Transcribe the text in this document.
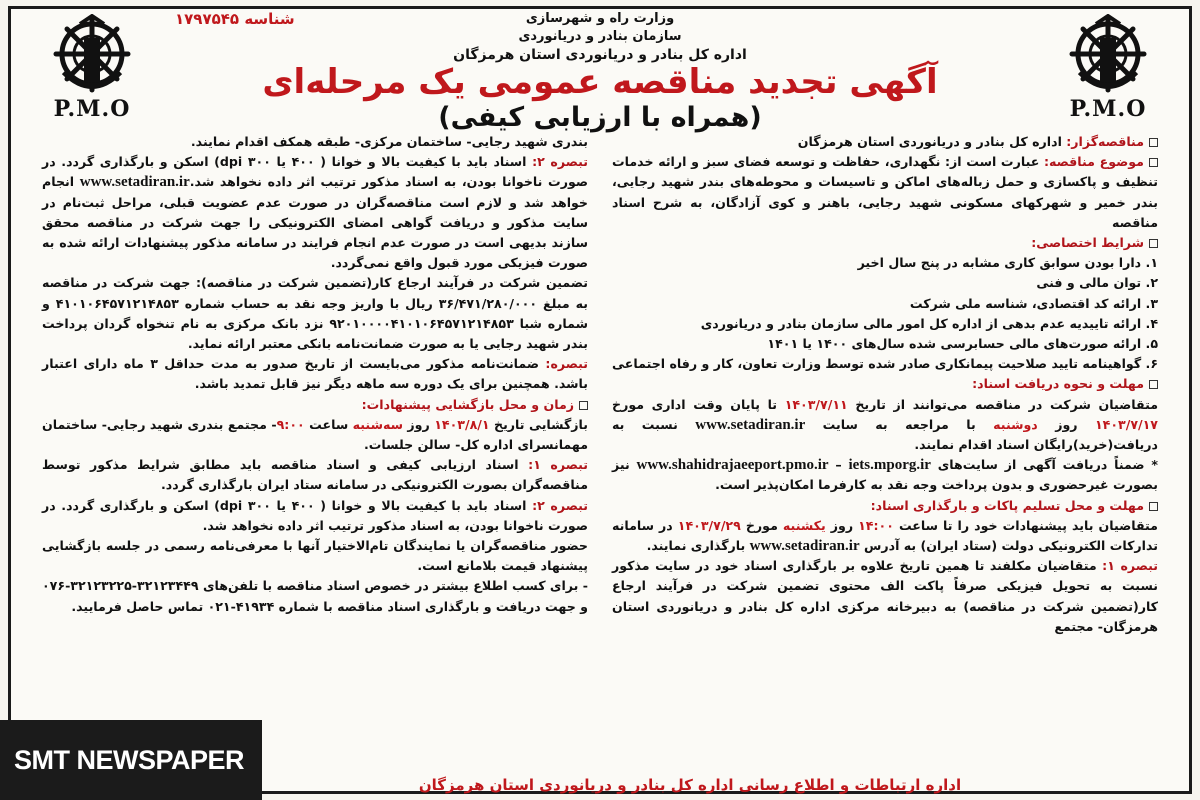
P.M.O	P.M.O
شناسه ۱۷۹۷۵۴۵	وزارت راه و شهرسازی
سازمان بنادر و دریانوردی
اداره کل بنادر و دریانوردی استان هرمزگان
آگهی تجدید مناقصه عمومی یک مرحله‌ای
(همراه با ارزیابی کیفی)

مناقصه‌گزار: اداره کل بنادر و دریانوردی استان هرمزگان

موضوع مناقصه: عبارت است از: نگهداری، حفاظت و توسعه فضای سبز و ارائه خدمات تنظیف و پاکسازی و حمل زباله‌های اماکن و تاسیسات و محوطه‌های بندر شهید رجایی، بندر خمیر و شهرکهای مسکونی شهید رجایی، باهنر و کوی آزادگان، به شرح اسناد مناقصه

شرایط اختصاصی:

۱. دارا بودن سوابق کاری مشابه در پنج سال اخیر

۲. توان مالی و فنی

۳. ارائه کد اقتصادی، شناسه ملی شرکت

۴. ارائه تاییدیه عدم بدهی از اداره کل امور مالی سازمان بنادر و دریانوردی

۵. ارائه صورت‌های مالی حسابرسی شده سال‌های ۱۴۰۰ یا ۱۴۰۱

۶. گواهینامه تایید صلاحیت پیمانکاری صادر شده توسط وزارت تعاون، کار و رفاه اجتماعی

مهلت و نحوه دریافت اسناد:

متقاضیان شرکت در مناقصه می‌توانند از تاریخ ۱۴۰۳/۷/۱۱ تا پایان وقت اداری مورخ ۱۴۰۳/۷/۱۷ روز دوشنبه با مراجعه به سایت www.setadiran.ir نسبت به دریافت(خرید)رایگان اسناد اقدام نمایند.

* ضمناً دریافت آگهی از سایت‌های www.shahidrajaeeport.pmo.ir – iets.mporg.ir نیز بصورت غیرحضوری و بدون پرداخت وجه نقد به کارفرما امکان‌پذیر است.

مهلت و محل تسلیم پاکات و بارگذاری اسناد:

متقاضیان باید پیشنهادات خود را تا ساعت ۱۴:۰۰ روز یکشنبه مورخ ۱۴۰۳/۷/۲۹ در سامانه تدارکات الکترونیکی دولت (ستاد ایران) به آدرس www.setadiran.ir بارگذاری نمایند.

تبصره ۱: متقاضیان مکلفند تا همین تاریخ علاوه بر بارگذاری اسناد خود در سایت مذکور نسبت به تحویل فیزیکی صرفاً پاکت الف محتوی تضمین شرکت در فرآیند ارجاع کار(تضمین شرکت در مناقصه) به دبیرخانه مرکزی اداره کل بنادر و دریانوردی استان هرمزگان- مجتمع

بندری شهید رجایی- ساختمان مرکزی- طبقه همکف اقدام نمایند.

تبصره ۲: اسناد باید با کیفیت بالا و خوانا ( ۴۰۰ یا ۳۰۰ dpi) اسکن و بارگذاری گردد. در صورت ناخوانا بودن، به اسناد مذکور ترتیب اثر داده نخواهد شد.www.setadiran.ir انجام خواهد شد و لازم است مناقصه‌گران در صورت عدم عضویت قبلی، مراحل ثبت‌نام در سایت مذکور و دریافت گواهی امضای الکترونیکی را جهت شرکت در مناقصه محقق سازند بدیهی است در صورت عدم انجام فرایند در سامانه مذکور پیشنهادات ارائه شده به صورت فیزیکی مورد قبول واقع نمی‌گردد.

تضمین شرکت در فرآیند ارجاع کار(تضمین شرکت در مناقصه): جهت شرکت در مناقصه به مبلغ ۳۶/۴۷۱/۲۸۰/۰۰۰ ریال با واریز وجه نقد به حساب شماره ۴۱۰۱۰۶۴۵۷۱۲۱۴۸۵۳ و شماره شبا ۹۲۰۱۰۰۰۰۴۱۰۱۰۶۴۵۷۱۲۱۴۸۵۳ نزد بانک مرکزی به نام تنخواه گردان پرداخت بندر شهید رجایی یا به صورت ضمانت‌نامه بانکی معتبر ارائه نماید.

تبصره: ضمانت‌نامه مذکور می‌بایست از تاریخ صدور به مدت حداقل ۳ ماه دارای اعتبار باشد. همچنین برای یک دوره سه ماهه دیگر نیز قابل تمدید باشد.

زمان و محل بازگشایی پیشنهادات:

بازگشایی تاریخ ۱۴۰۳/۸/۱ روز سه‌شنبه ساعت ۹:۰۰- مجتمع بندری شهید رجایی- ساختمان مهمانسرای اداره کل- سالن جلسات.

تبصره ۱: اسناد ارزیابی کیفی و اسناد مناقصه باید مطابق شرایط مذکور توسط مناقصه‌گران بصورت الکترونیکی در سامانه ستاد ایران بارگذاری گردد.

تبصره ۲: اسناد باید با کیفیت بالا و خوانا ( ۴۰۰ یا ۳۰۰ dpi) اسکن و بارگذاری گردد. در صورت ناخوانا بودن، به اسناد مذکور ترتیب اثر داده نخواهد شد.

حضور مناقصه‌گران یا نمایندگان تام‌الاختیار آنها با معرفی‌نامه رسمی در جلسه بازگشایی پیشنهاد قیمت بلامانع است.

- برای کسب اطلاع بیشتر در خصوص اسناد مناقصه با تلفن‌های ۳۲۱۲۳۴۴۹-۳۲۱۲۳۲۲۵-۰۷۶ و جهت دریافت و بارگذاری اسناد مناقصه با شماره ۴۱۹۳۴-۰۲۱ تماس حاصل فرمایید.

اداره ارتباطات و اطلاع رسانی اداره کل بنادر و دریانوردی استان هرمزگان
SMT NEWSPAPER
